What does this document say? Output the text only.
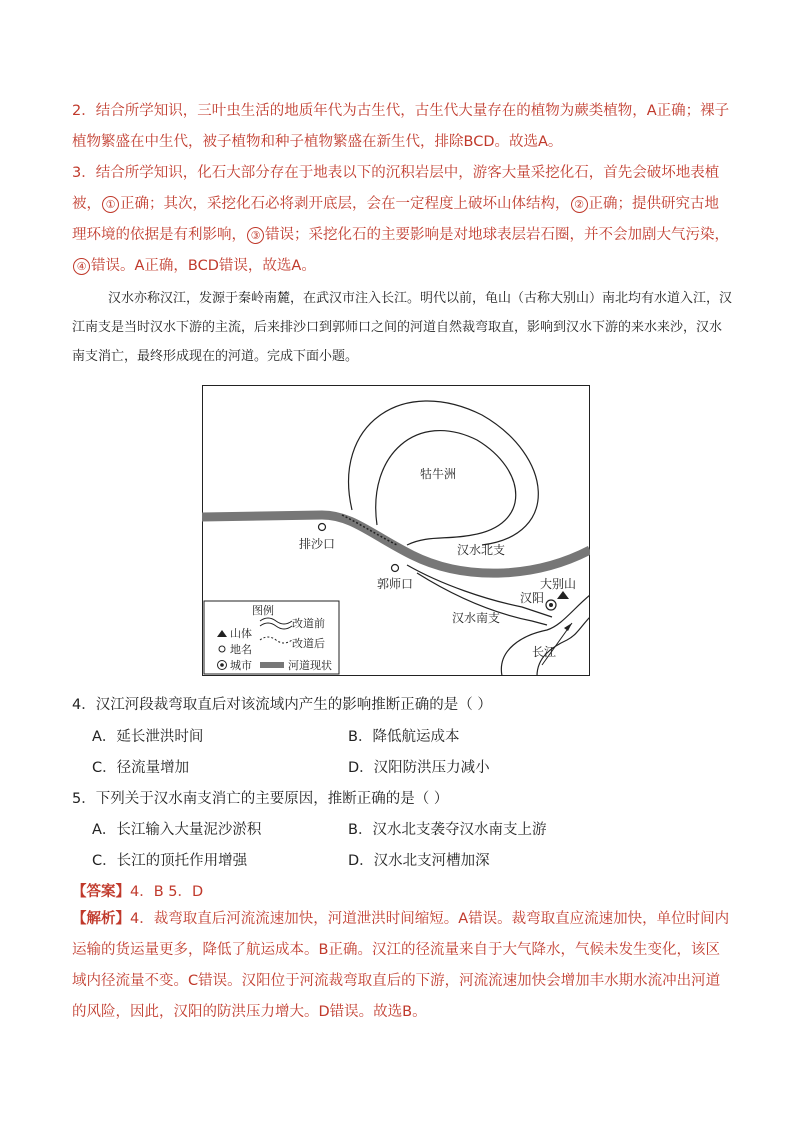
2．结合所学知识，三叶虫生活的地质年代为古生代，古生代大量存在的植物为蕨类植物，A正确；裸子植物繁盛在中生代，被子植物和种子植物繁盛在新生代，排除BCD。故选A。

3．结合所学知识，化石大部分存在于地表以下的沉积岩层中，游客大量采挖化石，首先会破坏地表植被， ① 正确；其次，采挖化石必将剥开底层，会在一定程度上破坏山体结构， ② 正确；提供研究古地理环境的依据是有利影响， ③ 错误；采挖化石的主要影响是对地球表层岩石圈，并不会加剧大气污染，④ 错误。A正确，BCD错误，故选A。

汉水亦称汉江，发源于秦岭南麓，在武汉市注入长江。明代以前，龟山（古称大别山）南北均有水道入江，汉江南支是当时汉水下游的主流，后来排沙口到郭师口之间的河道自然裁弯取直，影响到汉水下游的来水来沙，汉水南支消亡，最终形成现在的河道。完成下面小题。

牯牛洲
排沙口
郭师口
汉水北支
汉水南支
汉阳
大别山
长江
图例
山体
地名
城市
改道前
改道后
河道现状

4．汉江河段裁弯取直后对该流域内产生的影响推断正确的是（ ）

A．延长泄洪时间	B．降低航运成本

C．径流量增加	D．汉阳防洪压力减小

5．下列关于汉水南支消亡的主要原因，推断正确的是（ ）

A．长江输入大量泥沙淤积	B．汉水北支袭夺汉水南支上游

C．长江的顶托作用增强	D．汉水北支河槽加深

【答案】4．B 5．D

【解析】4．裁弯取直后河流流速加快，河道泄洪时间缩短。A错误。裁弯取直应流速加快，单位时间内运输的货运量更多，降低了航运成本。B正确。汉江的径流量来自于大气降水，气候未发生变化，该区域内径流量不变。C错误。汉阳位于河流裁弯取直后的下游，河流流速加快会增加丰水期水流冲出河道的风险，因此，汉阳的防洪压力增大。D错误。故选B。
